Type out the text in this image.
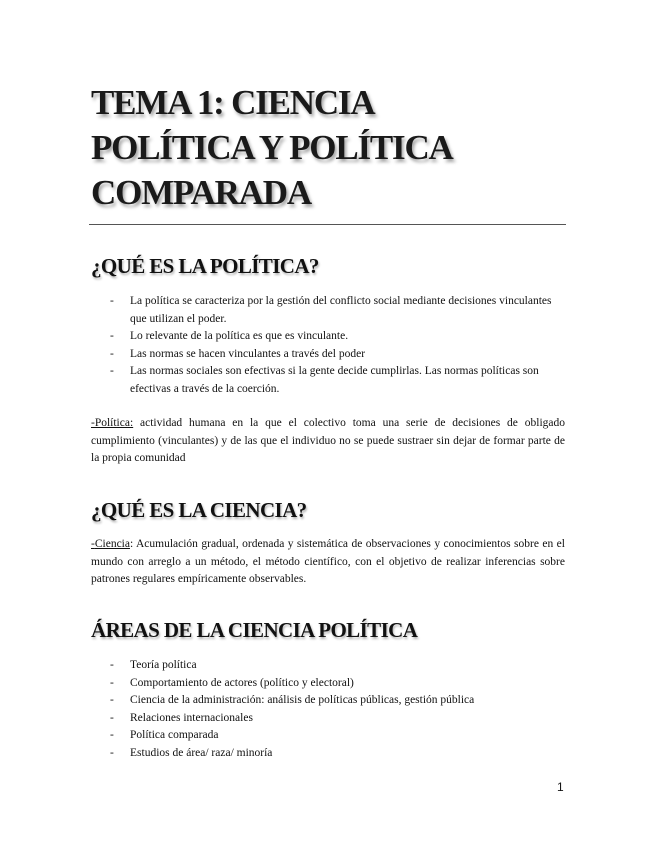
TEMA 1: CIENCIA
POLÍTICA Y POLÍTICA
COMPARADA
¿QUÉ ES LA POLÍTICA?
- La política se caracteriza por la gestión del conflicto social mediante decisiones vinculantes que utilizan el poder.
- Lo relevante de la política es que es vinculante.
- Las normas se hacen vinculantes a través del poder
- Las normas sociales son efectivas si la gente decide cumplirlas. Las normas políticas son efectivas a través de la coerción.

-Política: actividad humana en la que el colectivo toma una serie de decisiones de obligado cumplimiento (vinculantes) y de las que el individuo no se puede sustraer sin dejar de formar parte de la propia comunidad

¿QUÉ ES LA CIENCIA?

-Ciencia: Acumulación gradual, ordenada y sistemática de observaciones y conocimientos sobre en el mundo con arreglo a un método, el método científico, con el objetivo de realizar inferencias sobre patrones regulares empíricamente observables.

ÁREAS DE LA CIENCIA POLÍTICA
- Teoría política
- Comportamiento de actores (político y electoral)
- Ciencia de la administración: análisis de políticas públicas, gestión pública
- Relaciones internacionales
- Política comparada
- Estudios de área/ raza/ minoría
1
